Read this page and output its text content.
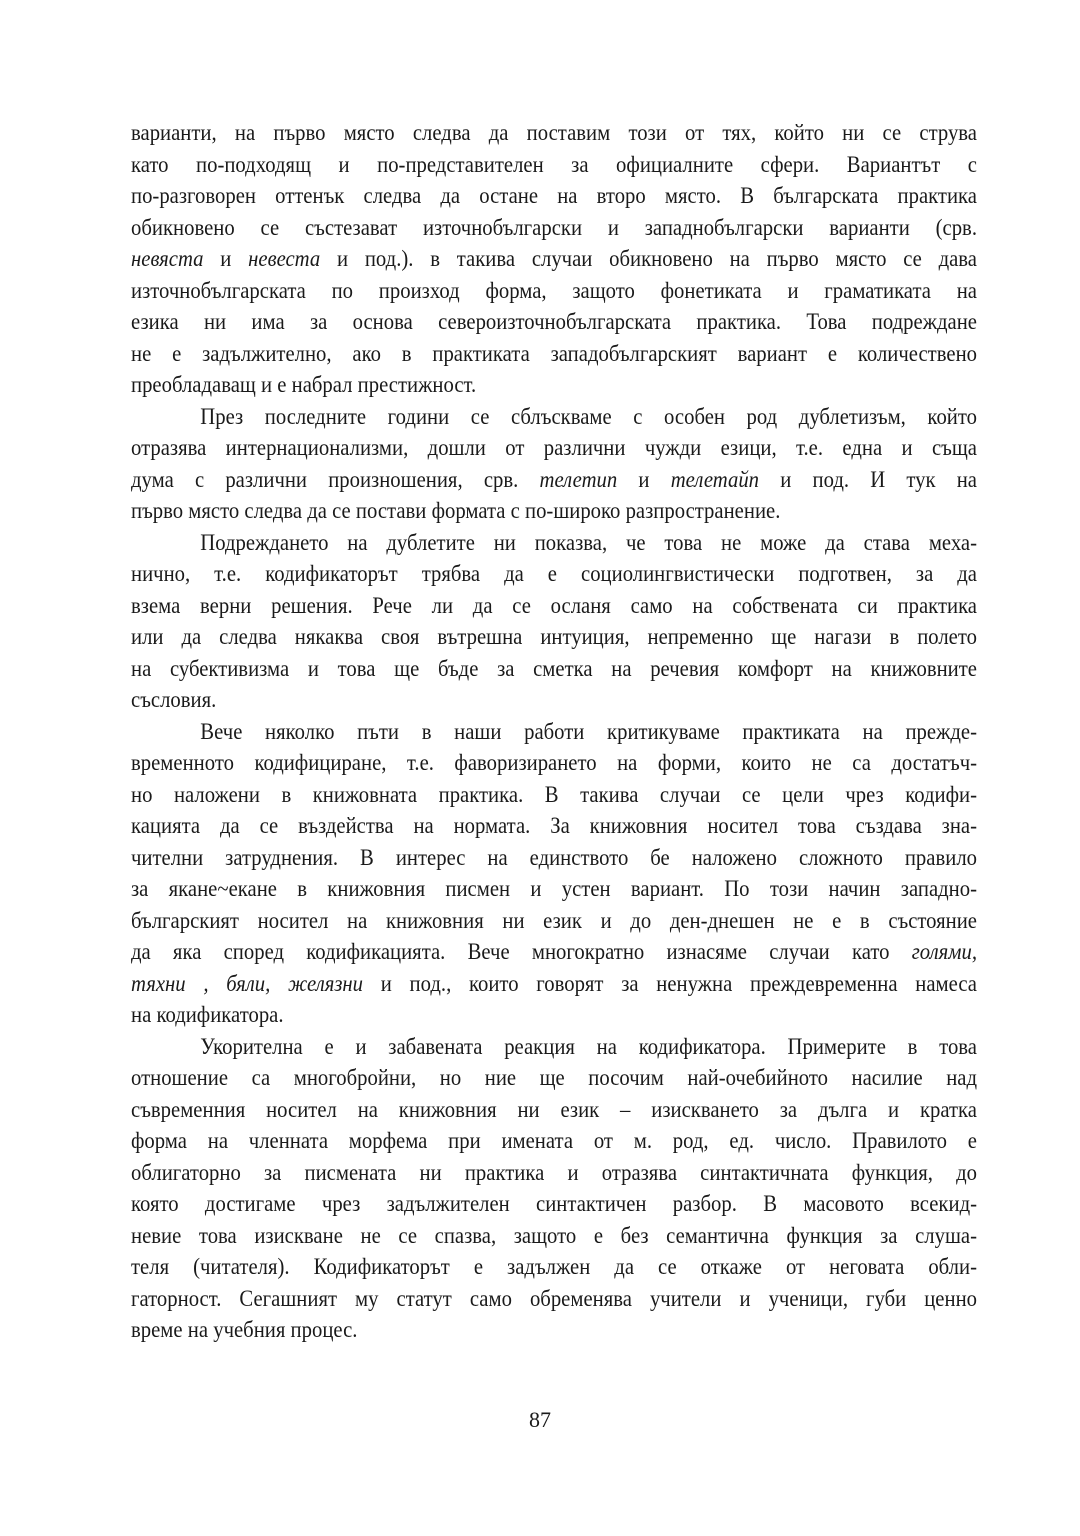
варианти, на първо място следва да поставим този от тях, който ни се струва
като по-подходящ и по-представителен за официалните сфери. Вариантът с
по-разговорен оттенък следва да остане на второ място. В българската практика
обикновено се състезават източнобългарски и западнобългарски варианти (срв.
невяста и невеста и под.). в такива случаи обикновено на първо място се дава
източнобългарската по произход форма, защото фонетиката и граматиката на
езика ни има за основа североизточнобългарската практика. Това подреждане
не е задължително, ако в практиката западобългарският вариант е количествено
преобладаващ и е набрал престижност.
През последните години се сблъскваме с особен род дублетизъм, който
отразява интернационализми, дошли от различни чужди езици, т.е. една и съща
дума с различни произношения, срв. телетип и телетайп и под. И тук на
първо място следва да се постави формата с по-широко разпространение.
Подреждането на дублетите ни показва, че това не може да става меха-
нично, т.е. кодификаторът трябва да е социолингвистически подготвен, за да
взема верни решения. Рече ли да се осланя само на собствената си практика
или да следва някаква своя вътрешна интуиция, непременно ще нагази в полето
на субективизма и това ще бъде за сметка на речевия комфорт на книжовните
съсловия.
Вече няколко пъти в наши работи критикуваме практиката на прежде-
временното кодифициране, т.е. фаворизирането на форми, които не са достатъч-
но наложени в книжовната практика. В такива случаи се цели чрез кодифи-
кацията да се въздейства на нормата. За книжовния носител това създава зна-
чителни затруднения. В интерес на единството бе наложено сложното правило
за якане~екане в книжовния писмен и устен вариант. По този начин западно-
българският носител на книжовния ни език и до ден-днешен не е в състояние
да яка според кодификацията. Вече многократно изнасяме случаи като голями,
тяхни , бяли, желязни и под., които говорят за ненужна преждевременна намеса
на кодификатора.
Укорителна е и забавената реакция на кодификатора. Примерите в това
отношение са многобройни, но ние ще посочим най-очебийното насилие над
съвременния носител на книжовния ни език – изискването за дълга и кратка
форма на членната морфема при имената от м. род, ед. число. Правилото е
облигаторно за писмената ни практика и отразява синтактичната функция, до
която достигаме чрез задължителен синтактичен разбор. В масовото всекид-
невие това изискване не се спазва, защото е без семантична функция за слуша-
теля (читателя). Кодификаторът е задължен да се откаже от неговата обли-
гаторност. Сегашният му статут само обременява учители и ученици, губи ценно
време на учебния процес.
87
